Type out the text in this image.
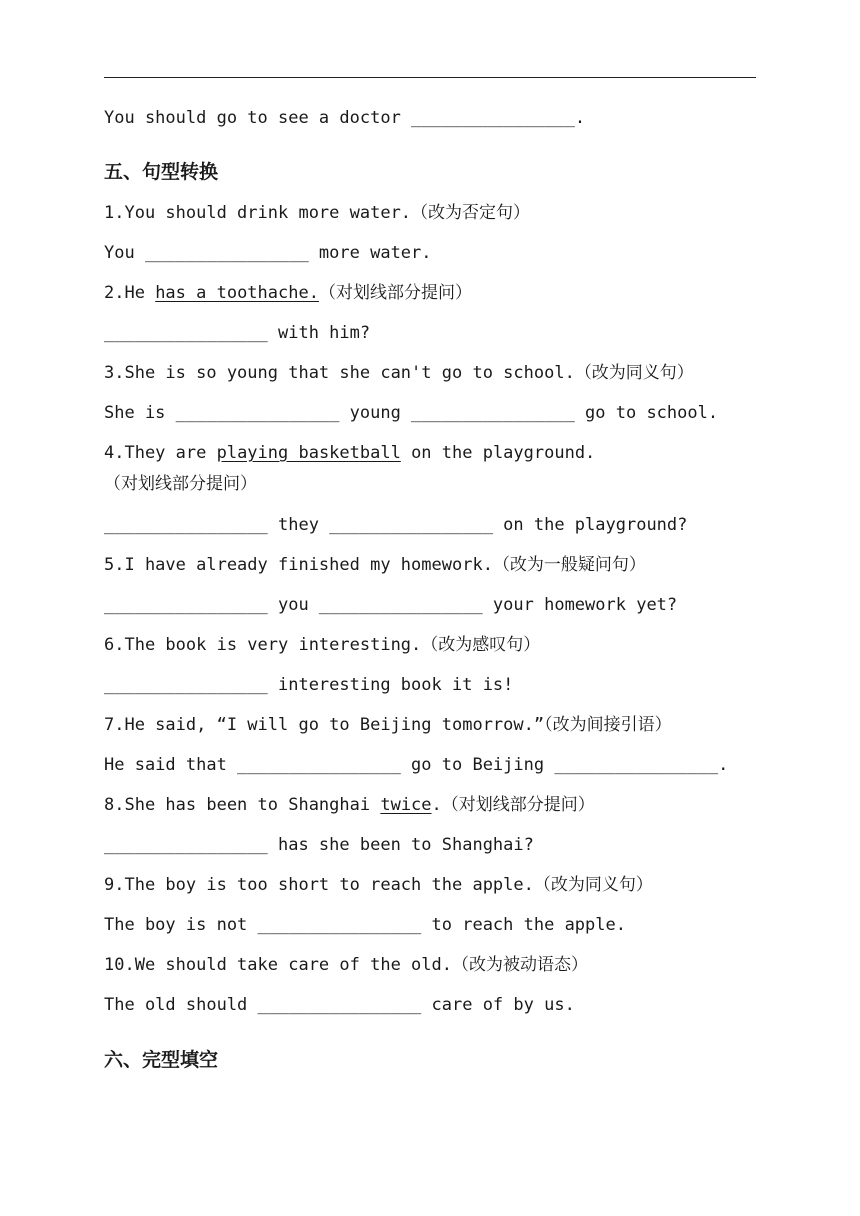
You should go to see a doctor ________________.
五、句型转换
1.You should drink more water.（改为否定句）
You ________________ more water.
2.He has a toothache.（对划线部分提问）
________________ with him?
3.She is so young that she can't go to school.（改为同义句）
She is ________________ young ________________ go to school.
4.They are playing basketball on the playground.（对划线部分提问）
________________ they ________________ on the playground?
5.I have already finished my homework.（改为一般疑问句）
________________ you ________________ your homework yet?
6.The book is very interesting.（改为感叹句）
________________ interesting book it is!
7.He said, “I will go to Beijing tomorrow.”（改为间接引语）
He said that ________________ go to Beijing ________________.
8.She has been to Shanghai twice.（对划线部分提问）
________________ has she been to Shanghai?
9.The boy is too short to reach the apple.（改为同义句）
The boy is not ________________ to reach the apple.
10.We should take care of the old.（改为被动语态）
The old should ________________ care of by us.
六、完型填空
